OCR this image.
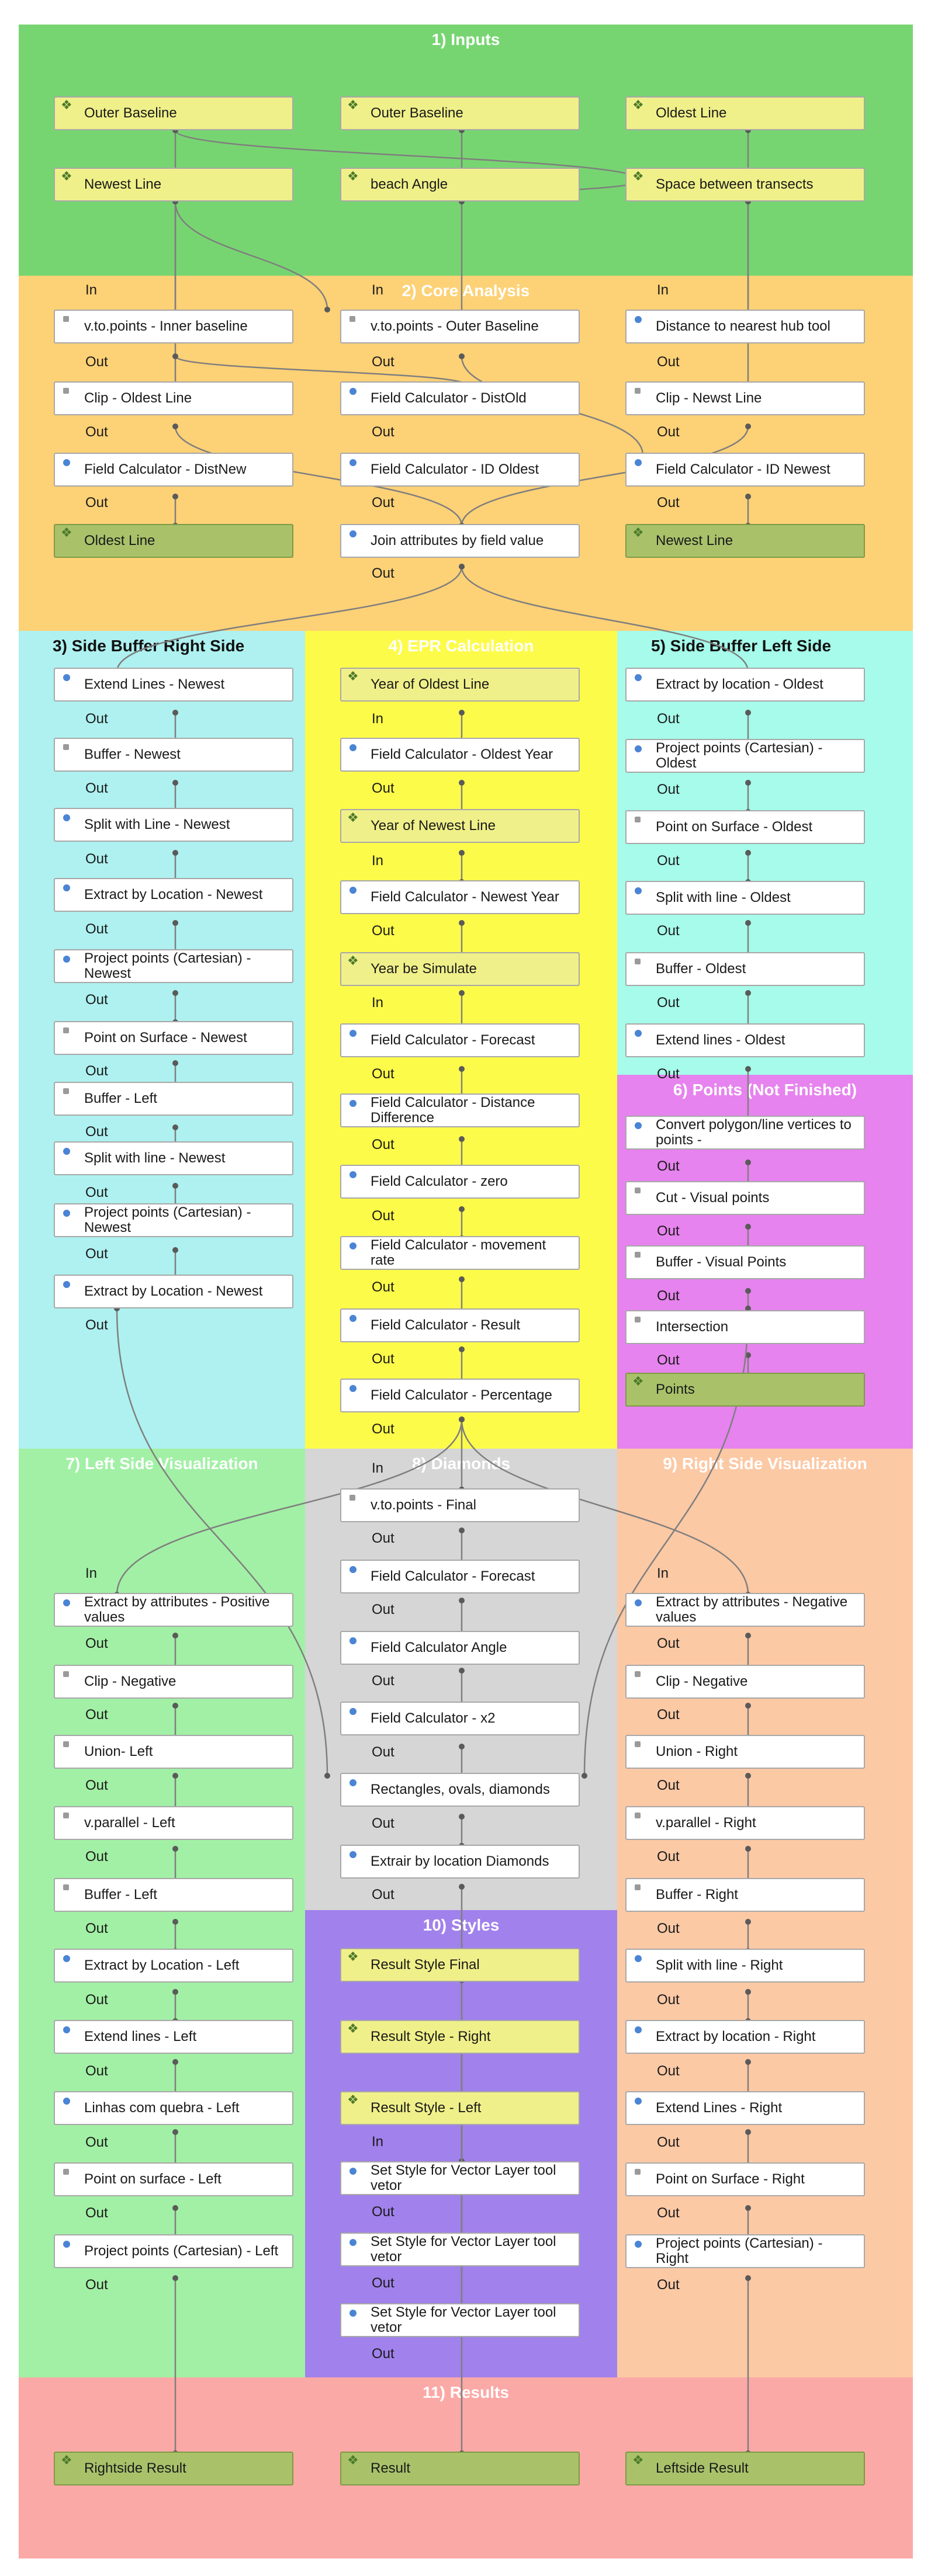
1) Inputs
2) Core Analysis
3) Side Buffer Right Side	4) EPR Calculation	5) Side Buffer Left Side
6) Points (Not Finished)
7) Left Side Visualization	8) Diamonds	9) Right Side Visualization
10) Styles
11) Results
In	In	In
Out	Out	Out
Out	Out	Out
Out	Out	Out
Out
Out
Out
Out
Out
Out
Out
Out
Out
Out
Out
In
Out
In
Out
In
Out
Out
Out
Out
Out
Out
Out
Out
Out
Out
Out
Out
Out
Out
Out
Out
In	In
In
Out
Out
Out
Out
Out
Out
Out
Out
Out
Out
Out
Out
Out
Out
Out
Out
Out
Out
Out
Out
Out
Out
Out
Out
Out
Out
In
Out
Out
Out
❖
Outer Baseline
❖
Outer Baseline
❖
Oldest Line
❖
Newest Line
❖
beach Angle
❖
Space between transects
v.to.points - Inner baseline	v.to.points - Outer Baseline	Distance to nearest hub tool
Clip - Oldest Line	Field Calculator - DistOld	Clip - Newst Line
Field Calculator - DistNew	Field Calculator - ID Oldest	Field Calculator - ID Newest
❖
Oldest Line	Join attributes by field value
❖
Newest Line
Extend Lines - Newest
Buffer - Newest
Split with Line - Newest
Extract by Location - Newest
Project points (Cartesian) - Newest
Point on Surface - Newest
Buffer - Left
Split with line - Newest
Project points (Cartesian) - Newest
Extract by Location - Newest
❖
Year of Oldest Line
Field Calculator - Oldest Year
❖
Year of Newest Line
Field Calculator - Newest Year
❖
Year be Simulate
Field Calculator - Forecast
Field Calculator - Distance Difference
Field Calculator - zero
Field Calculator - movement rate
Field Calculator - Result
Field Calculator - Percentage
Extract by location - Oldest
Project points (Cartesian) - Oldest
Point on Surface - Oldest
Split with line - Oldest
Buffer - Oldest
Extend lines - Oldest
Convert polygon/line vertices to points -
Cut - Visual points
Buffer - Visual Points
Intersection
❖
Points
Extract by attributes - Positive values
Clip - Negative
Union- Left
v.parallel - Left
Buffer - Left
Extract by Location - Left
Extend lines - Left
Linhas com quebra - Left
Point on surface - Left
Project points (Cartesian) - Left
v.to.points - Final
Field Calculator - Forecast
Field Calculator Angle
Field Calculator - x2
Rectangles, ovals, diamonds
Extrair by location Diamonds
Extract by attributes - Negative values
Clip - Negative
Union - Right
v.parallel - Right
Buffer - Right
Split with line - Right
Extract by location - Right
Extend Lines - Right
Point on Surface - Right
Project points (Cartesian) - Right
❖
Result Style Final
❖
Result Style - Right
❖
Result Style - Left
Set Style for Vector Layer tool vetor
Set Style for Vector Layer tool vetor
Set Style for Vector Layer tool vetor
❖
Rightside Result
❖
Result
❖
Leftside Result
